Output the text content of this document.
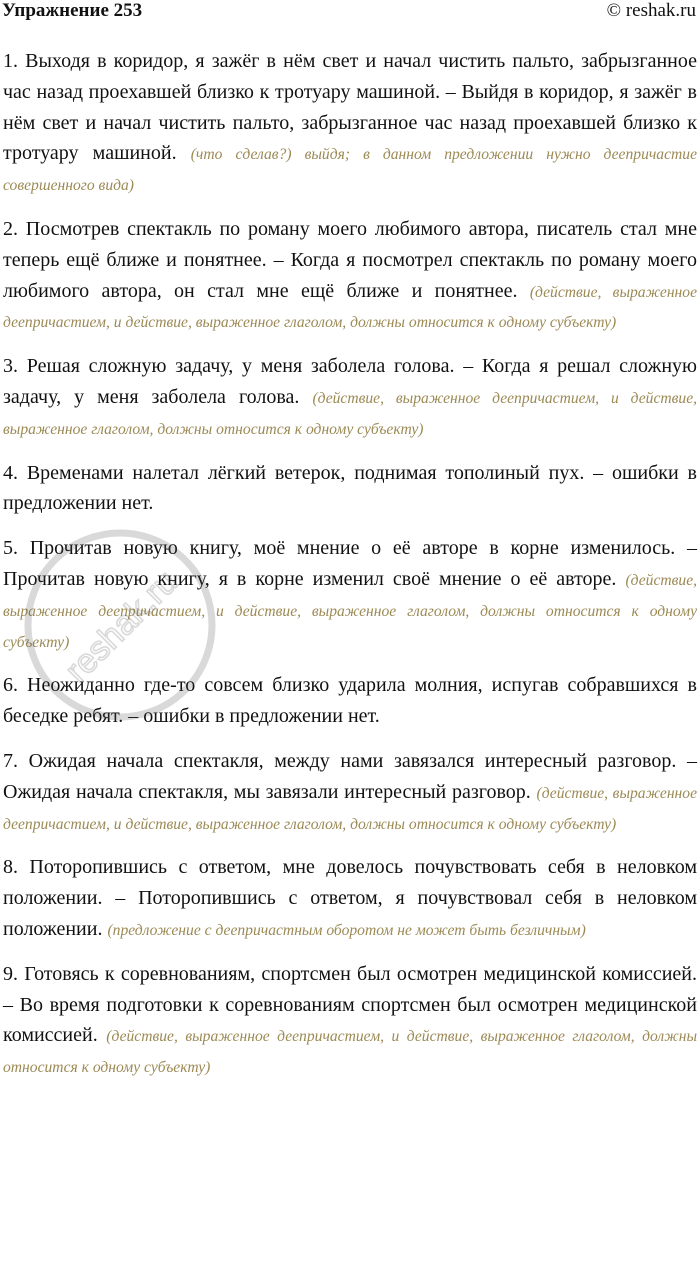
Упражнение 253	© reshak.ru

1. Выходя в коридор, я зажёг в нём свет и начал чистить пальто, забрызганное час назад проехавшей близко к тротуару машиной. – Выйдя в коридор, я зажёг в нём свет и начал чистить пальто, забрызганное час назад проехавшей близко к тротуару машиной. (что сделав?) выйдя; в данном предложении нужно деепричастие совершенного вида)

2. Посмотрев спектакль по роману моего любимого автора, писатель стал мне теперь ещё ближе и понятнее. – Когда я посмотрел спектакль по роману моего любимого автора, он стал мне ещё ближе и понятнее. (действие, выраженное деепричастием, и действие, выраженное глаголом, должны относится к одному субъекту)

3. Решая сложную задачу, у меня заболела голова. – Когда я решал сложную задачу, у меня заболела голова. (действие, выраженное деепричастием, и действие, выраженное глаголом, должны относится к одному субъекту)

4. Временами налетал лёгкий ветерок, поднимая тополиный пух. – ошибки в предложении нет.

5. Прочитав новую книгу, моё мнение о её авторе в корне изменилось. – Прочитав новую книгу, я в корне изменил своё мнение о её авторе. (действие, выраженное деепричастием, и действие, выраженное глаголом, должны относится к одному субъекту)

6. Неожиданно где-то совсем близко ударила молния, испугав собравшихся в беседке ребят. – ошибки в предложении нет.

7. Ожидая начала спектакля, между нами завязался интересный разговор. – Ожидая начала спектакля, мы завязали интересный разговор. (действие, выраженное деепричастием, и действие, выраженное глаголом, должны относится к одному субъекту)

8. Поторопившись с ответом, мне довелось почувствовать себя в неловком положении. – Поторопившись с ответом, я почувствовал себя в неловком положении. (предложение с деепричастным оборотом не может быть безличным)

9. Готовясь к соревнованиям, спортсмен был осмотрен медицинской комиссией. – Во время подготовки к соревнованиям спортсмен был осмотрен медицинской комиссией. (действие, выраженное деепричастием, и действие, выраженное глаголом, должны относится к одному субъекту)

reshak.ru
